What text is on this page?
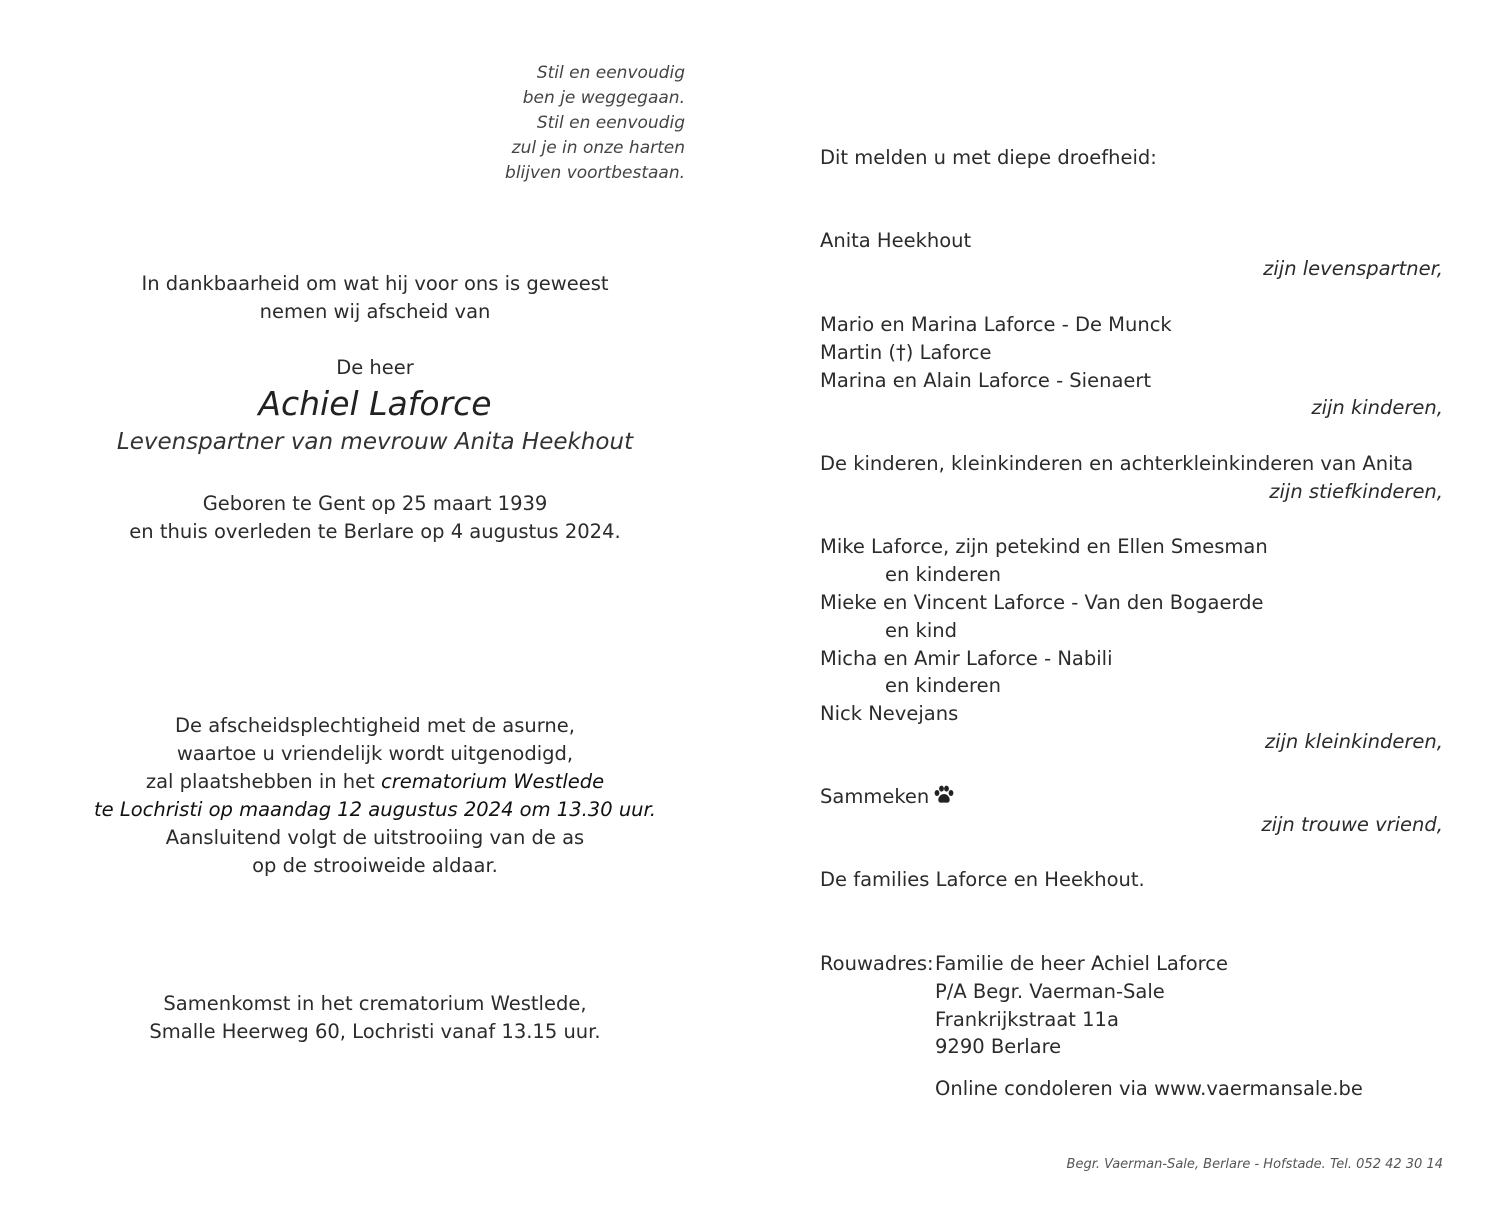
Stil en eenvoudig
ben je weggegaan.
Stil en eenvoudig
zul je in onze harten
blijven voortbestaan.
In dankbaarheid om wat hij voor ons is geweest
nemen wij afscheid van
De heer
Achiel Laforce
Levenspartner van mevrouw Anita Heekhout
Geboren te Gent op 25 maart 1939
en thuis overleden te Berlare op 4 augustus 2024.
De afscheidsplechtigheid met de asurne,
waartoe u vriendelijk wordt uitgenodigd,
zal plaatshebben in het crematorium Westlede
te Lochristi op maandag 12 augustus 2024 om 13.30 uur.
Aansluitend volgt de uitstrooiing van de as
op de strooiweide aldaar.
Samenkomst in het crematorium Westlede,
Smalle Heerweg 60, Lochristi vanaf 13.15 uur.
Dit melden u met diepe droefheid:
Anita Heekhout
zijn levenspartner,
Mario en Marina Laforce - De Munck
Martin (†) Laforce
Marina en Alain Laforce - Sienaert
zijn kinderen,
De kinderen, kleinkinderen en achterkleinkinderen van Anita
zijn stiefkinderen,
Mike Laforce, zijn petekind en Ellen Smesman
en kinderen
Mieke en Vincent Laforce - Van den Bogaerde
en kind
Micha en Amir Laforce - Nabili
en kinderen
Nick Nevejans
zijn kleinkinderen,
Sammeken
zijn trouwe vriend,
De families Laforce en Heekhout.
Rouwadres: Familie de heer Achiel Laforce
P/A Begr. Vaerman-Sale
Frankrijkstraat 11a
9290 Berlare
Online condoleren via www.vaermansale.be
Begr. Vaerman-Sale, Berlare - Hofstade. Tel. 052 42 30 14
